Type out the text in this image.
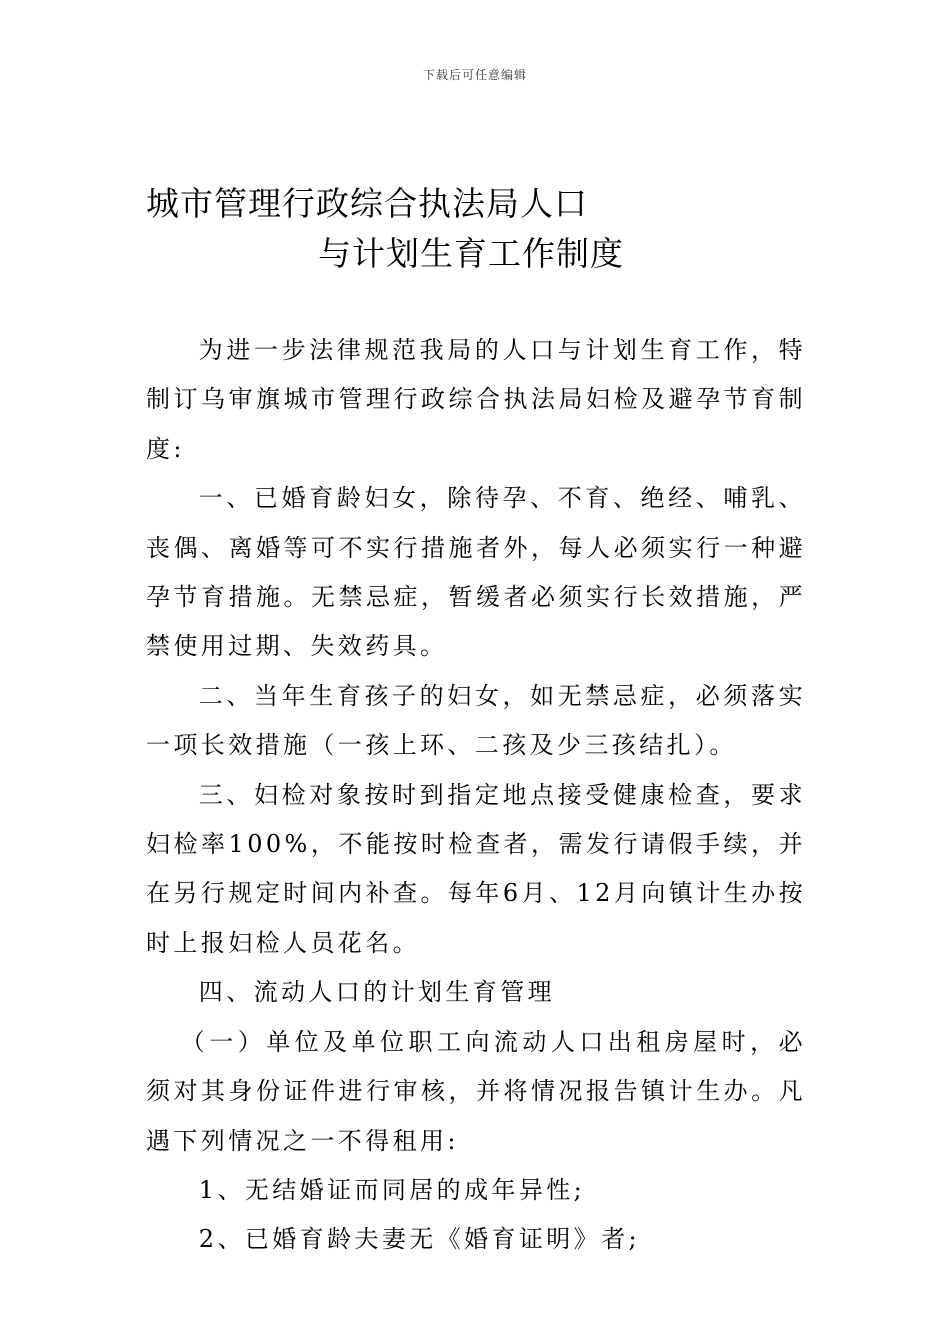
下载后可任意编辑
城市管理行政综合执法局人口
与计划生育工作制度

为进一步法律规范我局的人口与计划生育工作，特制订乌审旗城市管理行政综合执法局妇检及避孕节育制度:

一、已婚育龄妇女，除待孕、不育、绝经、哺乳、丧偶、离婚等可不实行措施者外，每人必须实行一种避孕节育措施。无禁忌症，暂缓者必须实行长效措施，严禁使用过期、失效药具。

二、当年生育孩子的妇女，如无禁忌症，必须落实一项长效措施（一孩上环、二孩及少三孩结扎）。

三、妇检对象按时到指定地点接受健康检查，要求妇检率100%，不能按时检查者，需发行请假手续，并在另行规定时间内补查。每年6月、12月向镇计生办按时上报妇检人员花名。

四、流动人口的计划生育管理

（一）单位及单位职工向流动人口出租房屋时，必须对其身份证件进行审核，并将情况报告镇计生办。凡遇下列情况之一不得租用:

1、无结婚证而同居的成年异性;

2、已婚育龄夫妻无《婚育证明》者;
